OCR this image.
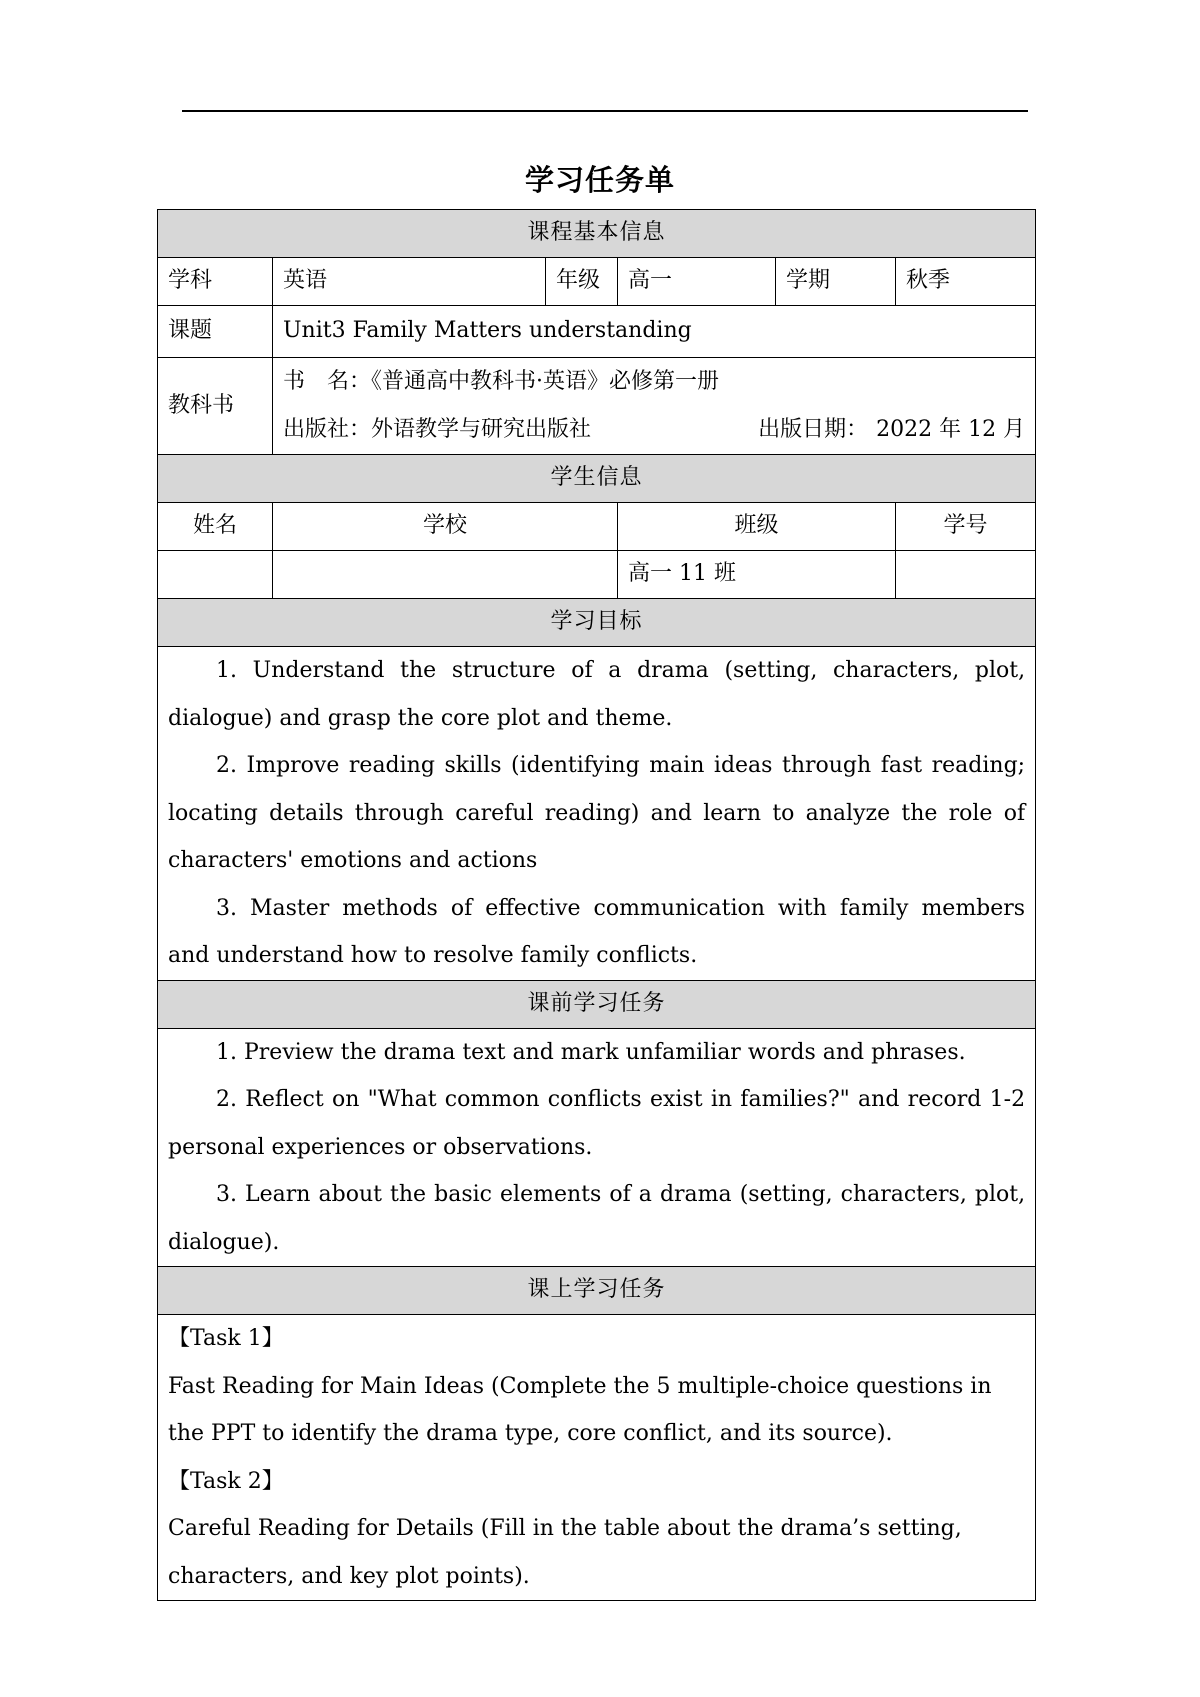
学习任务单
课程基本信息					
学科	英语	年级	高一	学期	秋季
课题	Unit3 Family Matters understanding				

教科书	书　名：《普通高中教科书·英语》必修第一册
出版社：外语教学与研究出版社 出版日期： 2022 年 12 月				

学生信息					
姓名	学校		班级		学号
			高一 11 班		
学习目标					

1. Understand the structure of a drama (setting, characters, plot, dialogue) and grasp the core plot and theme.

2. Improve reading skills (identifying main ideas through fast reading; locating details through careful reading) and learn to analyze the role of characters' emotions and actions

3. Master methods of effective communication with family members and understand how to resolve family conflicts.					

课前学习任务					

1. Preview the drama text and mark unfamiliar words and phrases.

2. Reflect on "What common conflicts exist in families?" and record 1-2 personal experiences or observations.

3. Learn about the basic elements of a drama (setting, characters, plot, dialogue).					

课上学习任务					

【Task 1】

Fast Reading for Main Ideas (Complete the 5 multiple-choice questions in the PPT to identify the drama type, core conflict, and its source).

【Task 2】

Careful Reading for Details (Fill in the table about the drama’s setting, characters, and key plot points).					
